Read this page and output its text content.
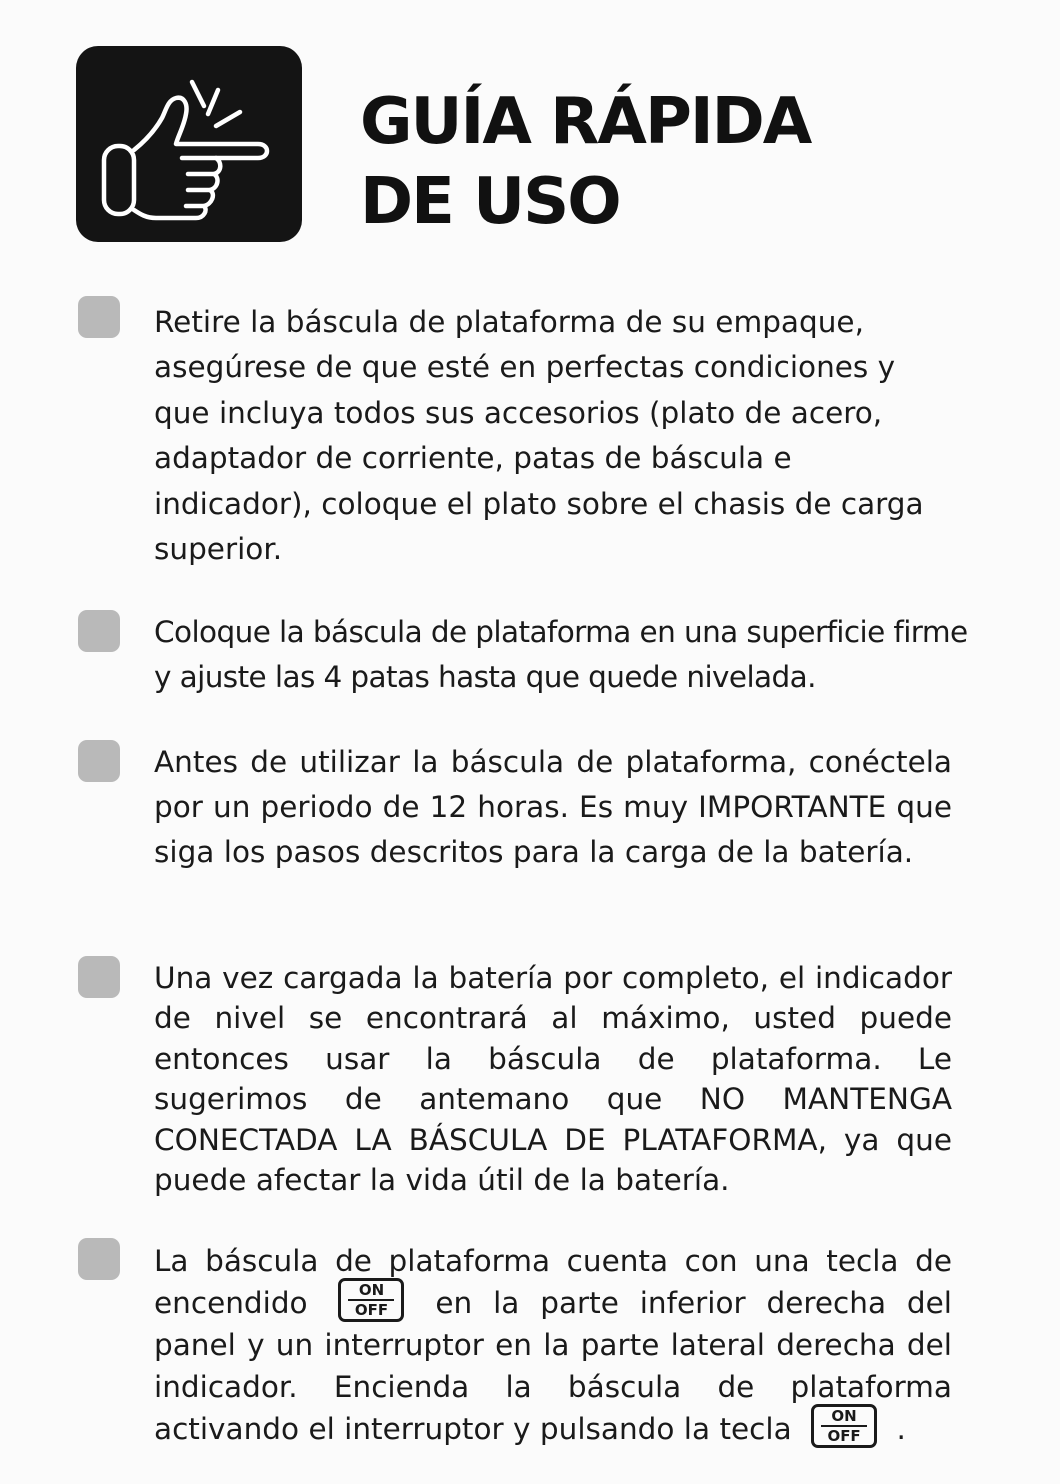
GUÍA RÁPIDA
DE USO

Retire la báscula de plataforma de su empaque, asegúrese de que esté en perfectas condiciones y que incluya todos sus accesorios (plato de acero, adaptador de corriente, patas de báscula e indicador), coloque el plato sobre el chasis de carga superior.

Coloque la báscula de plataforma en una superficie firme y ajuste las 4 patas hasta que quede nivelada.

Antes de utilizar la báscula de plataforma, conéctela por un periodo de 12 horas. Es muy IMPORTANTE que siga los pasos descritos para la carga de la batería.

Una vez cargada la batería por completo, el indicador de nivel se encontrará al máximo, usted puede entonces usar la báscula de plataforma. Le sugerimos de antemano que NO MANTENGA CONECTADA LA BÁSCULA DE PLATAFORMA, ya que puede afectar la vida útil de la batería.

La báscula de plataforma cuenta con una tecla de encendido	ON
OFF	en la parte inferior derecha del panel y un interruptor en la parte lateral derecha del indicador. Encienda la báscula de plataforma activando el interruptor y pulsando la tecla	ON
OFF	.
